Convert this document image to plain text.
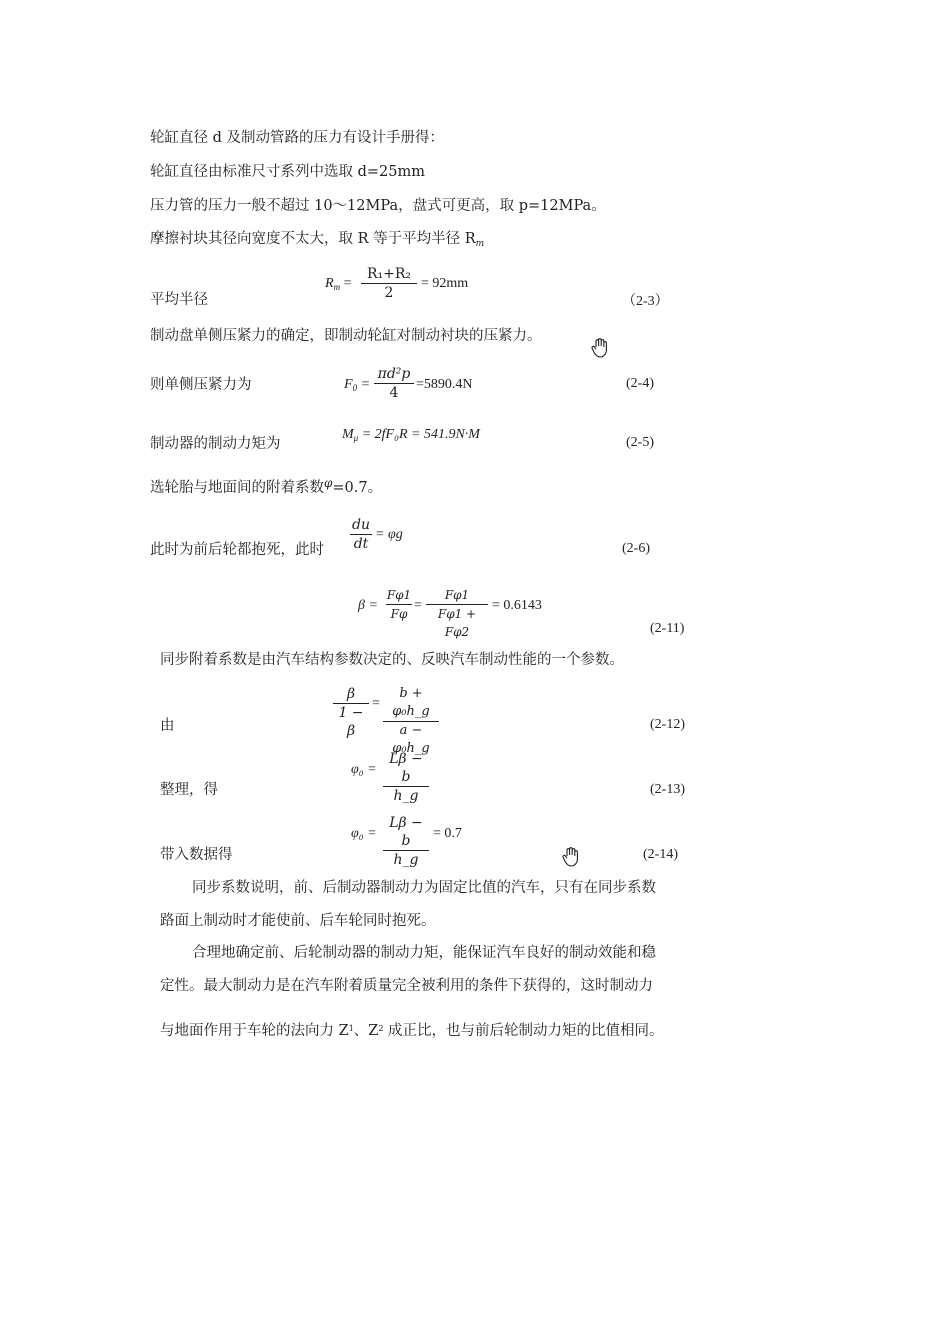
轮缸直径 d 及制动管路的压力有设计手册得：
轮缸直径由标准尺寸系列中选取 d=25mm
压力管的压力一般不超过 10～12MPa，盘式可更高，取 p=12MPa。
摩擦衬块其径向宽度不太大，取 R 等于平均半径 $R_m$
平均半径
$R_m$ =
R₁+R₂
2
= 92mm
（2-3）
制动盘单侧压紧力的确定，即制动轮缸对制动衬块的压紧力。
则单侧压紧力为	$F_0$ =
πd²p
4
=5890.4N	(2-4)
制动器的制动力矩为
$M_\mu = 2fF_0R = 541.9N\cdot M$
(2-5)
选轮胎与地面间的附着系数$^\varphi$=0.7。
此时为前后轮都抱死，此时
du
dt
= φg
(2-6)
β =
Fφ1
Fφ
=
Fφ1
Fφ1 + Fφ2
= 0.6143
(2-11)
同步附着系数是由汽车结构参数决定的、反映汽车制动性能的一个参数。
由
β
1 − β
=
b + φ₀h_g
a − φ₀h_g
(2-12)
整理，得
φ₀ =
Lβ − b
h_g	(2-13)
带入数据得
φ₀ =
Lβ − b
h_g
= 0.7
(2-14)
同步系数说明，前、后制动器制动力为固定比值的汽车，只有在同步系数
路面上制动时才能使前、后车轮同时抱死。
合理地确定前、后轮制动器的制动力矩，能保证汽车良好的制动效能和稳
定性。最大制动力是在汽车附着质量完全被利用的条件下获得的，这时制动力
与地面作用于车轮的法向力 $Z^1$、$Z^2$ 成正比，也与前后轮制动力矩的比值相同。
